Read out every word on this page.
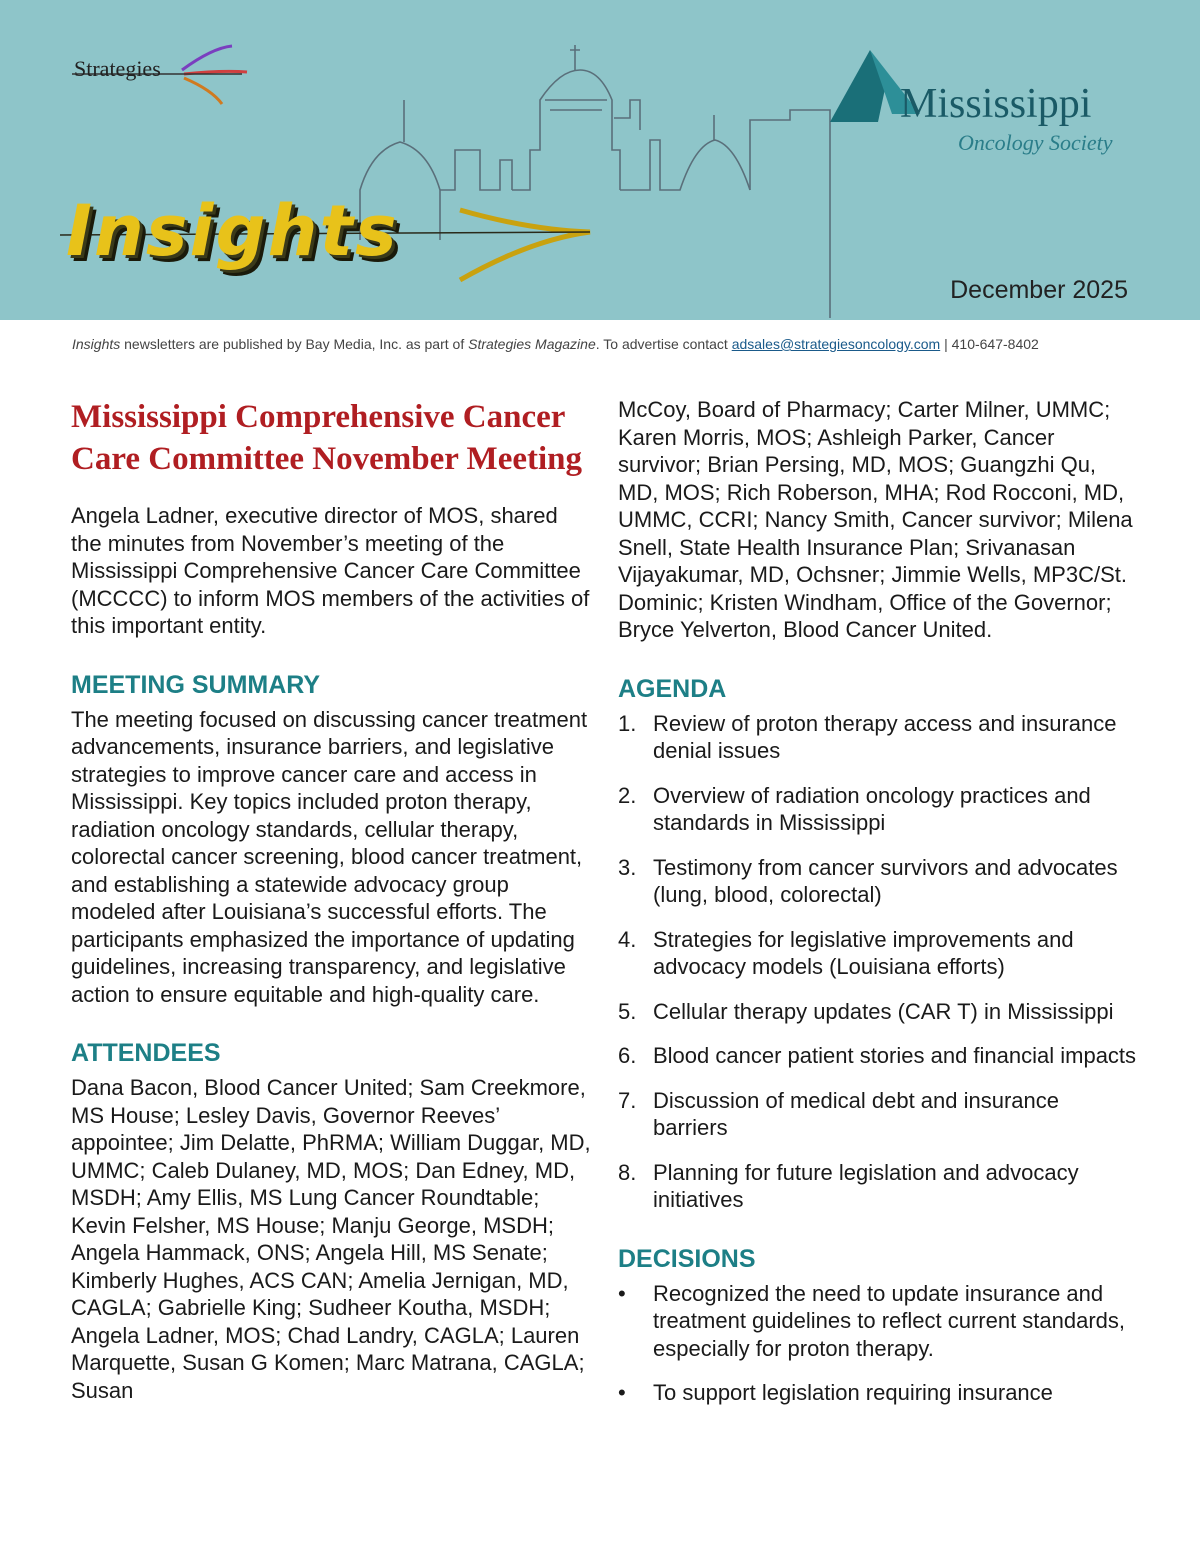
Strategies
Insights
Mississippi
Oncology Society
December 2025
Insights newsletters are published by Bay Media, Inc. as part of Strategies Magazine. To advertise contact adsales@strategiesoncology.com | 410-647-8402
Mississippi Comprehensive Cancer Care Committee November Meeting

Angela Ladner, executive director of MOS, shared the minutes from November’s meeting of the Mississippi Comprehensive Cancer Care Committee (MCCCC) to inform MOS members of the activities of this important entity.

MEETING SUMMARY

The meeting focused on discussing cancer treatment advancements, insurance barriers, and legislative strategies to improve cancer care and access in Mississippi. Key topics included proton therapy, radiation oncology standards, cellular therapy, colorectal cancer screening, blood cancer treatment, and establishing a statewide advocacy group modeled after Louisiana’s successful efforts. The participants emphasized the importance of updating guidelines, increasing transparency, and legislative action to ensure equitable and high-quality care.

ATTENDEES

Dana Bacon, Blood Cancer United; Sam Creekmore, MS House; Lesley Davis, Governor Reeves’ appointee; Jim Delatte, PhRMA; William Duggar, MD, UMMC; Caleb Dulaney, MD, MOS; Dan Edney, MD, MSDH; Amy Ellis, MS Lung Cancer Roundtable; Kevin Felsher, MS House; Manju George, MSDH; Angela Hammack, ONS; Angela Hill, MS Senate; Kimberly Hughes, ACS CAN; Amelia Jernigan, MD, CAGLA; Gabrielle King; Sudheer Koutha, MSDH; Angela Ladner, MOS; Chad Landry, CAGLA; Lauren Marquette, Susan G Komen; Marc Matrana, CAGLA; Susan

McCoy, Board of Pharmacy; Carter Milner, UMMC; Karen Morris, MOS; Ashleigh Parker, Cancer survivor; Brian Persing, MD, MOS; Guangzhi Qu, MD, MOS; Rich Roberson, MHA; Rod Rocconi, MD, UMMC, CCRI; Nancy Smith, Cancer survivor; Milena Snell, State Health Insurance Plan; Srivanasan Vijayakumar, MD, Ochsner; Jimmie Wells, MP3C/St. Dominic; Kristen Windham, Office of the Governor; Bryce Yelverton, Blood Cancer United.

AGENDA
1. Review of proton therapy access and insurance denial issues
2. Overview of radiation oncology practices and standards in Mississippi
3. Testimony from cancer survivors and advocates (lung, blood, colorectal)
4. Strategies for legislative improvements and advocacy models (Louisiana efforts)
5. Cellular therapy updates (CAR T) in Mississippi
6. Blood cancer patient stories and financial impacts
7. Discussion of medical debt and insurance barriers
8. Planning for future legislation and advocacy initiatives
DECISIONS
•	Recognized the need to update insurance and treatment guidelines to reflect current standards, especially for proton therapy.
•	To support legislation requiring insurance
